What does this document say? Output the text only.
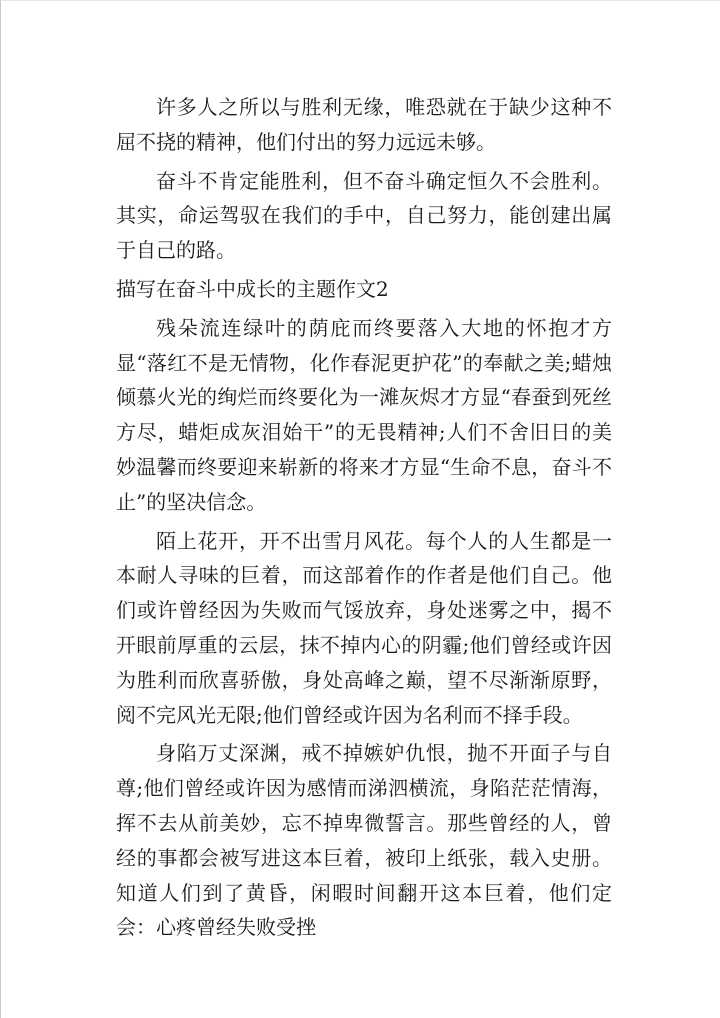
许多人之所以与胜利无缘，唯恐就在于缺少这种不屈不挠的精神，他们付出的努力远远未够。

奋斗不肯定能胜利，但不奋斗确定恒久不会胜利。其实，命运驾驭在我们的手中，自己努力，能创建出属于自己的路。

描写在奋斗中成长的主题作文2

残朵流连绿叶的荫庇而终要落入大地的怀抱才方显“落红不是无情物，化作春泥更护花”的奉献之美;蜡烛倾慕火光的绚烂而终要化为一滩灰烬才方显“春蚕到死丝方尽，蜡炬成灰泪始干”的无畏精神;人们不舍旧日的美妙温馨而终要迎来崭新的将来才方显“生命不息，奋斗不止”的坚决信念。

陌上花开，开不出雪月风花。每个人的人生都是一本耐人寻味的巨着，而这部着作的作者是他们自己。他们或许曾经因为失败而气馁放弃，身处迷雾之中，揭不开眼前厚重的云层，抹不掉内心的阴霾;他们曾经或许因为胜利而欣喜骄傲，身处高峰之巅，望不尽渐渐原野，阅不完风光无限;他们曾经或许因为名利而不择手段。

身陷万丈深渊，戒不掉嫉妒仇恨，抛不开面子与自尊;他们曾经或许因为感情而涕泗横流，身陷茫茫情海，挥不去从前美妙，忘不掉卑微誓言。那些曾经的人，曾经的事都会被写进这本巨着，被印上纸张，载入史册。知道人们到了黄昏，闲暇时间翻开这本巨着，他们定会：心疼曾经失败受挫
